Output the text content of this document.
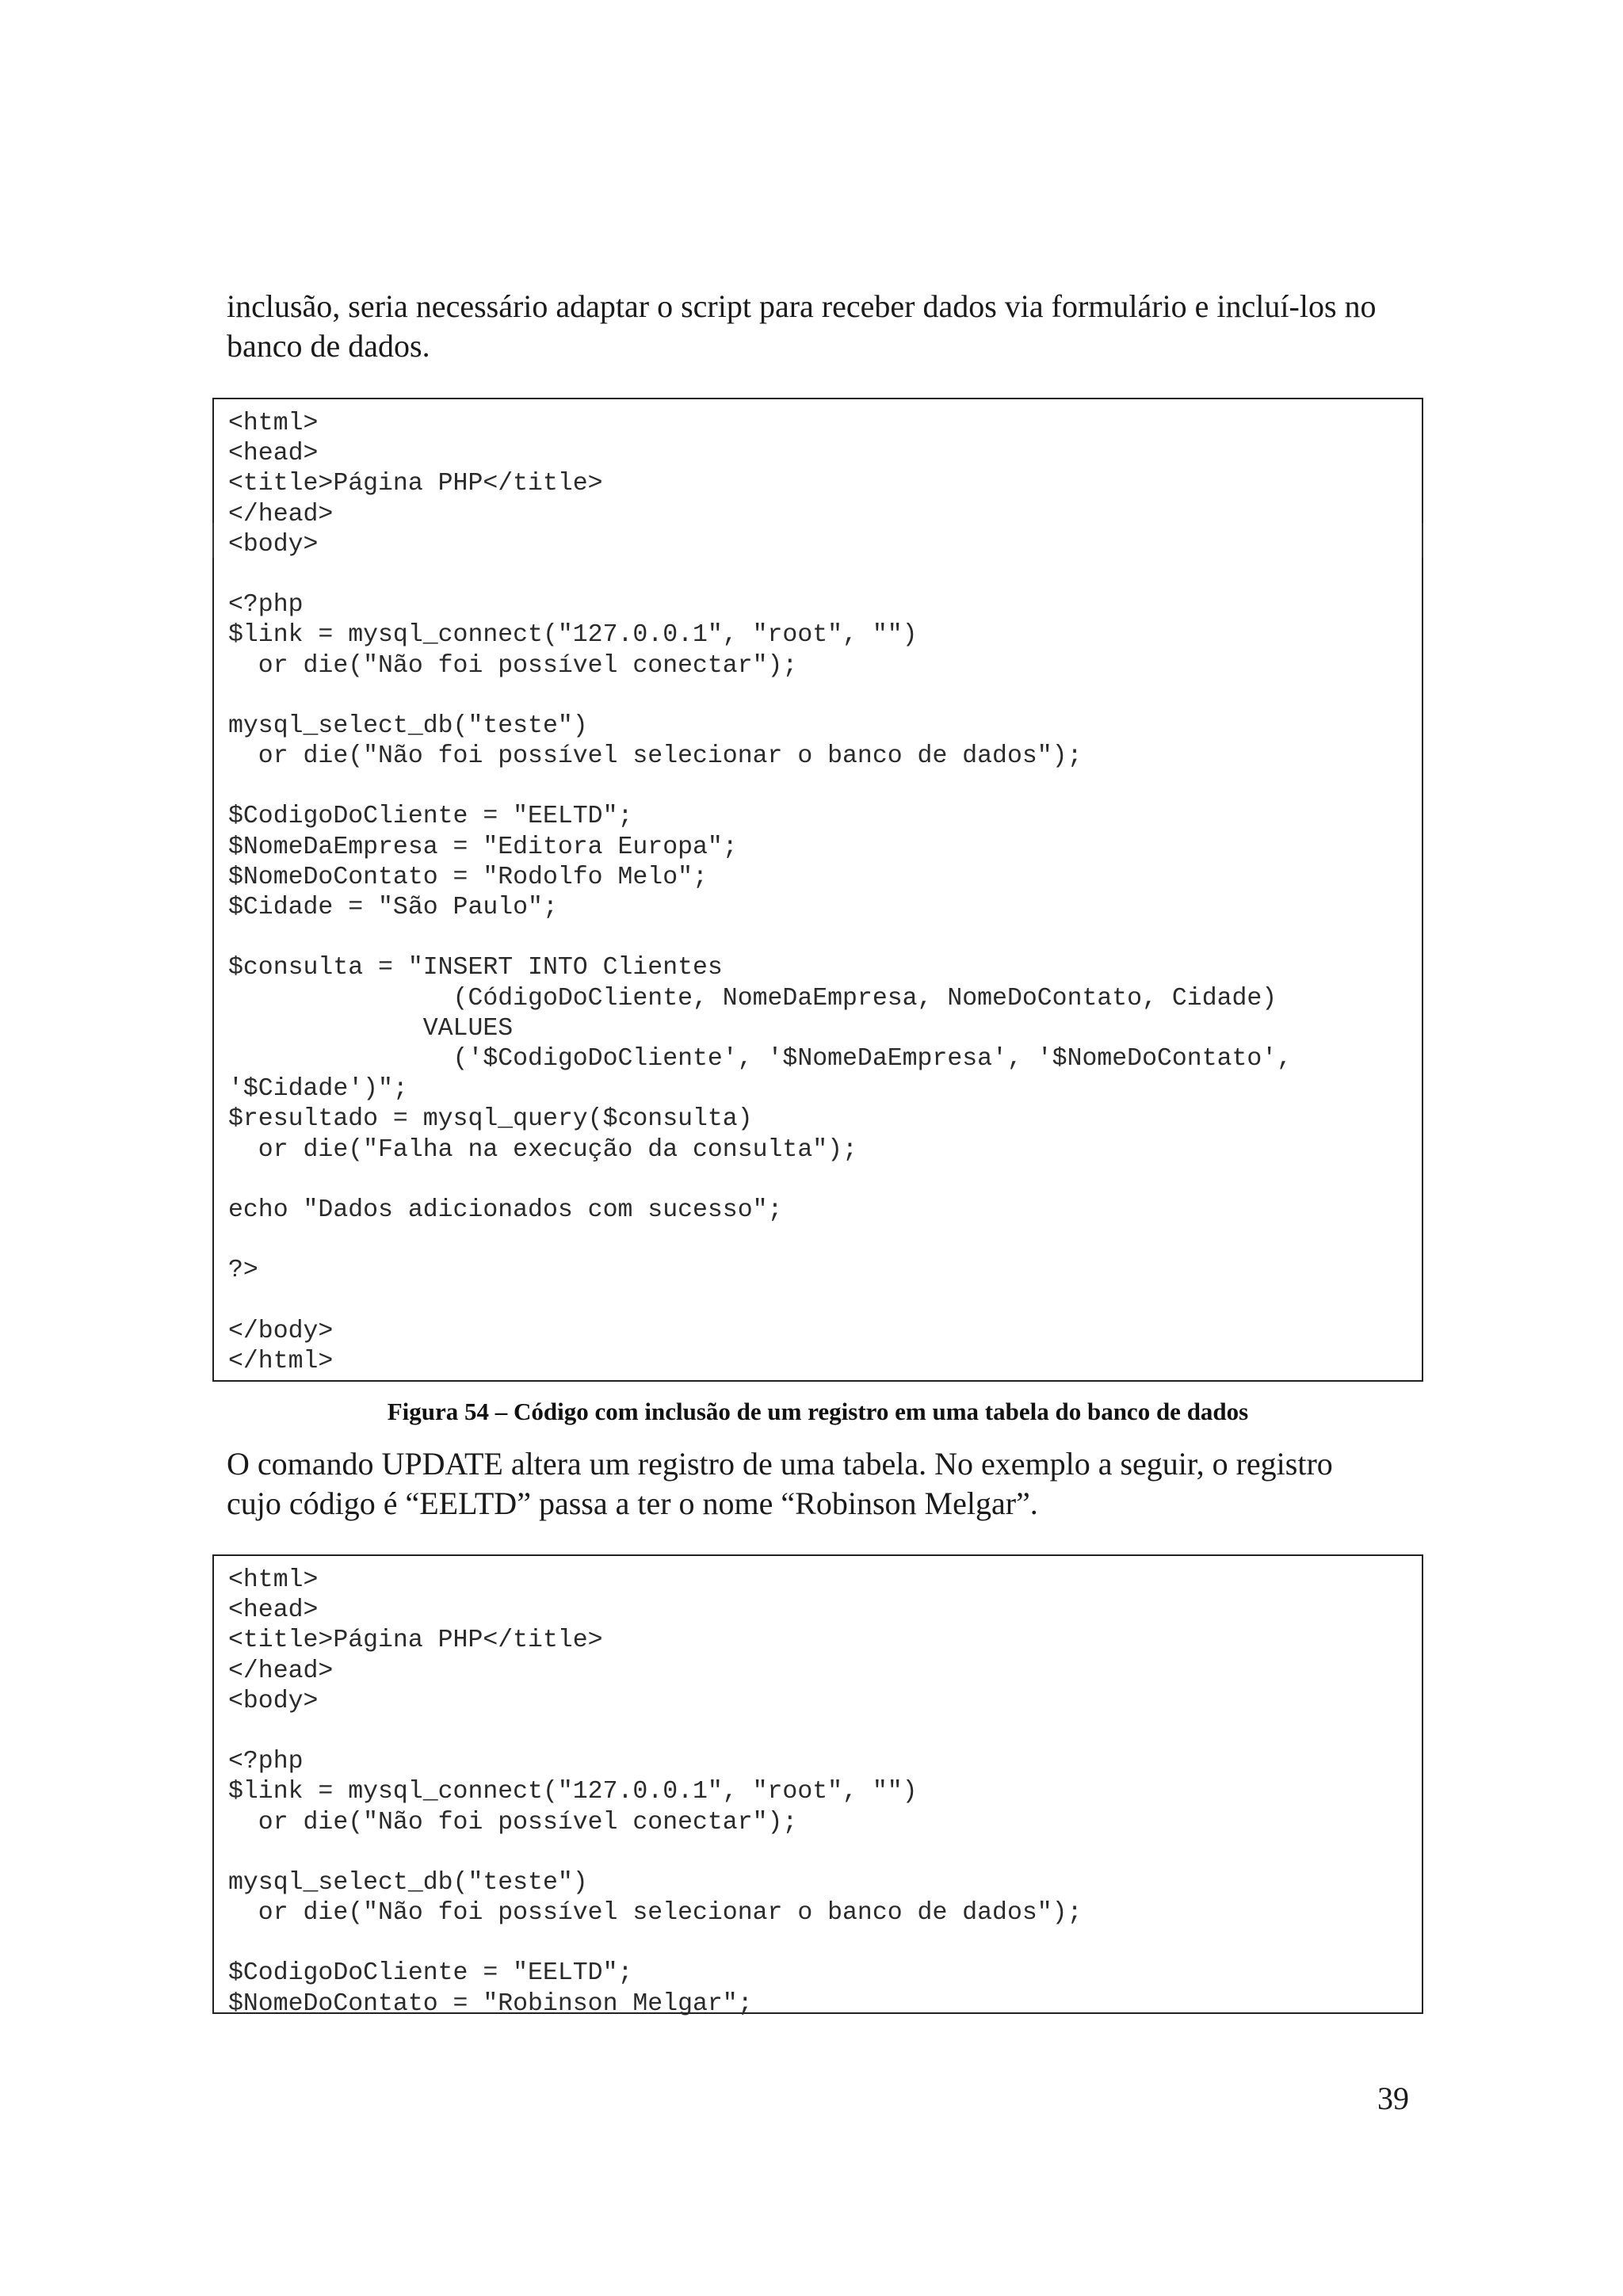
inclusão, seria necessário adaptar o script para receber dados via formulário e incluí-los no
banco de dados.

<html>
<head>
<title>Página PHP</title>
</head>
<body>
<?php
$link = mysql_connect("127.0.0.1", "root", "")
or die("Não foi possível conectar");
mysql_select_db("teste")
or die("Não foi possível selecionar o banco de dados");
$CodigoDoCliente = "EELTD";
$NomeDaEmpresa = "Editora Europa";
$NomeDoContato = "Rodolfo Melo";
$Cidade = "São Paulo";
$consulta = "INSERT INTO Clientes
(CódigoDoCliente, NomeDaEmpresa, NomeDoContato, Cidade)
VALUES
('$CodigoDoCliente', '$NomeDaEmpresa', '$NomeDoContato',
'$Cidade')";
$resultado = mysql_query($consulta)
or die("Falha na execução da consulta");
echo "Dados adicionados com sucesso";
?>
</body>
</html>

Figura 54 – Código com inclusão de um registro em uma tabela do banco de dados

O comando UPDATE altera um registro de uma tabela. No exemplo a seguir, o registro
cujo código é “EELTD” passa a ter o nome “Robinson Melgar”.

<html>
<head>
<title>Página PHP</title>
</head>
<body>
<?php
$link = mysql_connect("127.0.0.1", "root", "")
or die("Não foi possível conectar");
mysql_select_db("teste")
or die("Não foi possível selecionar o banco de dados");
$CodigoDoCliente = "EELTD";
$NomeDoContato = "Robinson Melgar";
39
